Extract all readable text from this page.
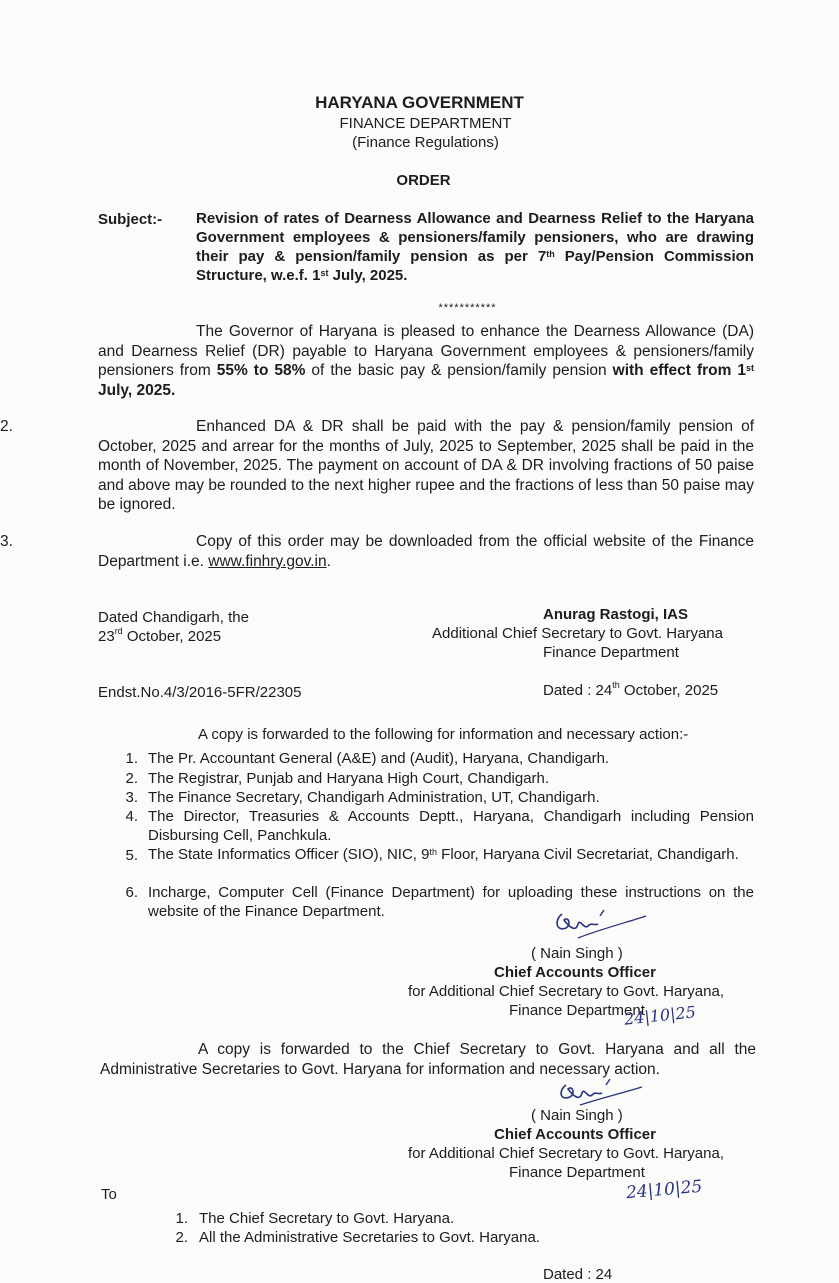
HARYANA GOVERNMENT
FINANCE DEPARTMENT
(Finance Regulations)
ORDER
Subject:- Revision of rates of Dearness Allowance and Dearness Relief to the Haryana Government employees & pensioners/family pensioners, who are drawing their pay & pension/family pension as per 7th Pay/Pension Commission Structure, w.e.f. 1st July, 2025.
***********
The Governor of Haryana is pleased to enhance the Dearness Allowance (DA) and Dearness Relief (DR) payable to Haryana Government employees & pensioners/family pensioners from 55% to 58% of the basic pay & pension/family pension with effect from 1st July, 2025.
2.	Enhanced DA & DR shall be paid with the pay & pension/family pension of October, 2025 and arrear for the months of July, 2025 to September, 2025 shall be paid in the month of November, 2025. The payment on account of DA & DR involving fractions of 50 paise and above may be rounded to the next higher rupee and the fractions of less than 50 paise may be ignored.
3.	Copy of this order may be downloaded from the official website of the Finance Department i.e. www.finhry.gov.in.
Dated Chandigarh, the
23rd October, 2025
Anurag Rastogi, IAS
Additional Chief Secretary to Govt. Haryana
Finance Department
Endst.No.4/3/2016-5FR/22305	Dated : 24th October, 2025
A copy is forwarded to the following for information and necessary action:-
1. The Pr. Accountant General (A&E) and (Audit), Haryana, Chandigarh.
2. The Registrar, Punjab and Haryana High Court, Chandigarh.
3. The Finance Secretary, Chandigarh Administration, UT, Chandigarh.
4. The Director, Treasuries & Accounts Deptt., Haryana, Chandigarh including Pension Disbursing Cell, Panchkula.
5. The State Informatics Officer (SIO), NIC, 9th Floor, Haryana Civil Secretariat, Chandigarh.
6. Incharge, Computer Cell (Finance Department) for uploading these instructions on the website of the Finance Department.
( Nain Singh )
Chief Accounts Officer
for Additional Chief Secretary to Govt. Haryana,
Finance Department
24|10|25
A copy is forwarded to the Chief Secretary to Govt. Haryana and all the Administrative Secretaries to Govt. Haryana for information and necessary action.
( Nain Singh )
Chief Accounts Officer
for Additional Chief Secretary to Govt. Haryana,
Finance Department
24|10|25
To
1. The Chief Secretary to Govt. Haryana.
2. All the Administrative Secretaries to Govt. Haryana.
Dated : 24
